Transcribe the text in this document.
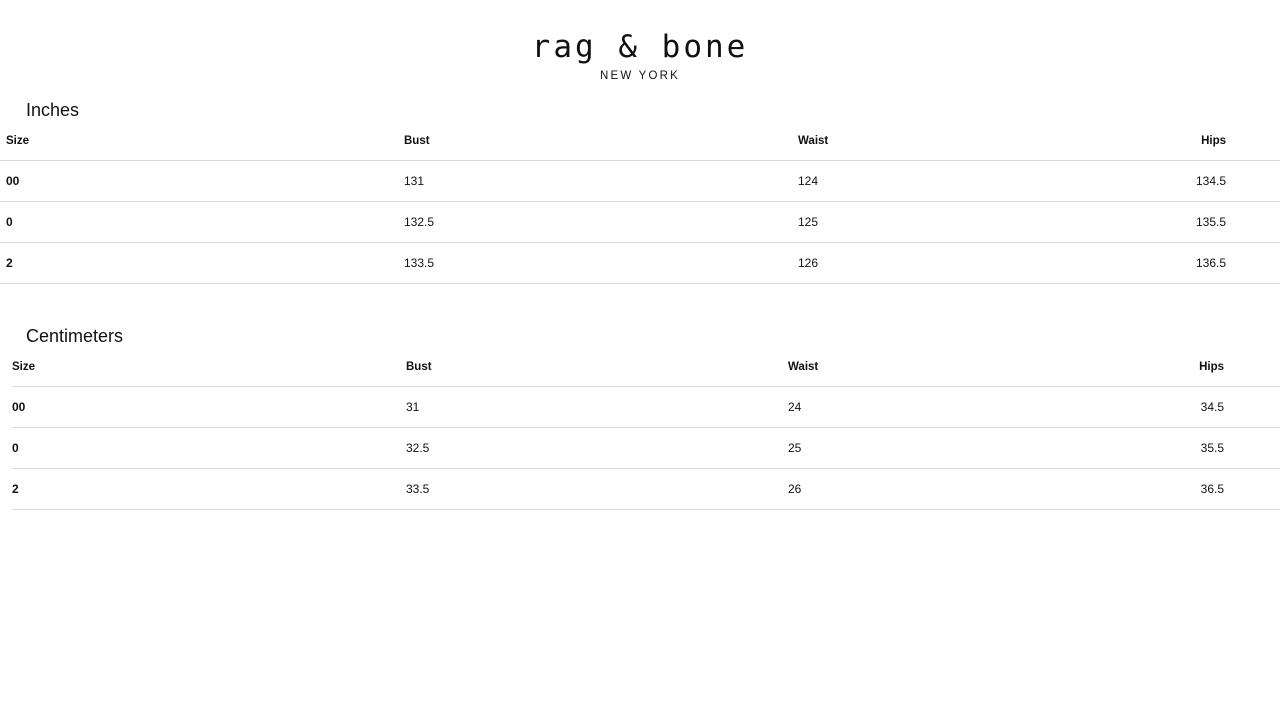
rag & bone
NEW YORK
Inches
Size	Bust	Waist	Hips
00	131	124	134.5
0	132.5	125	135.5
2	133.5	126	136.5
Centimeters
Size	Bust	Waist	Hips
00	31	24	34.5
0	32.5	25	35.5
2	33.5	26	36.5
